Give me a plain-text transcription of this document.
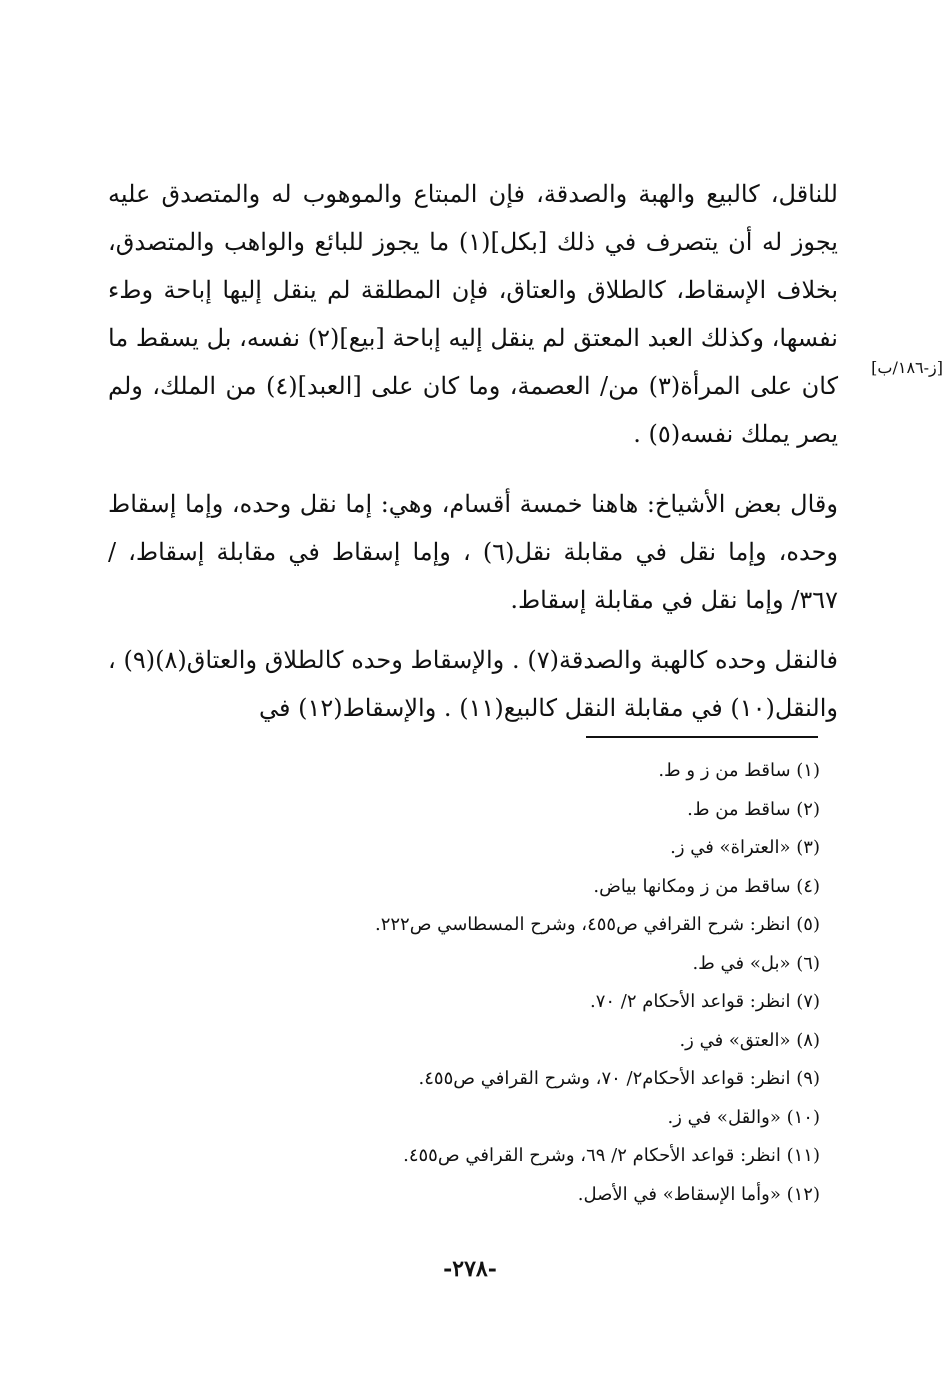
للناقل، كالبيع والهبة والصدقة، فإن المبتاع والموهوب له والمتصدق عليه يجوز له أن يتصرف في ذلك [بكل](١) ما يجوز للبائع والواهب والمتصدق، بخلاف الإسقاط، كالطلاق والعتاق، فإن المطلقة لم ينقل إليها إباحة وطء نفسها، وكذلك العبد المعتق لم ينقل إليه إباحة [بيع](٢) نفسه، بل يسقط ما كان على المرأة(٣) من/ العصمة، وما كان على [العبد](٤) من الملك، ولم يصر يملك نفسه(٥) .

[ز-١٨٦/ب]

وقال بعض الأشياخ: هاهنا خمسة أقسام، وهي: إما نقل وحده، وإما إسقاط وحده، وإما نقل في مقابلة نقل(٦) ، وإما إسقاط في مقابلة إسقاط، / ٣٦٧/ وإما نقل في مقابلة إسقاط.

فالنقل وحده كالهبة والصدقة(٧) . والإسقاط وحده كالطلاق والعتاق(٨)(٩) ، والنقل(١٠) في مقابلة النقل كالبيع(١١) . والإسقاط(١٢) في

(١) ساقط من ز و ط.
(٢) ساقط من ط.
(٣) «العتراة» في ز.
(٤) ساقط من ز ومكانها بياض.
(٥) انظر: شرح القرافي ص٤٥٥، وشرح المسطاسي ص٢٢٢.
(٦) «بل» في ط.
(٧) انظر: قواعد الأحكام ٢/ ٧٠.
(٨) «العتق» في ز.
(٩) انظر: قواعد الأحكام٢/ ٧٠، وشرح القرافي ص٤٥٥.
(١٠) «والقل» في ز.
(١١) انظر: قواعد الأحكام ٢/ ٦٩، وشرح القرافي ص٤٥٥.
(١٢) «وأما الإسقاط» في الأصل.
-٢٧٨-
